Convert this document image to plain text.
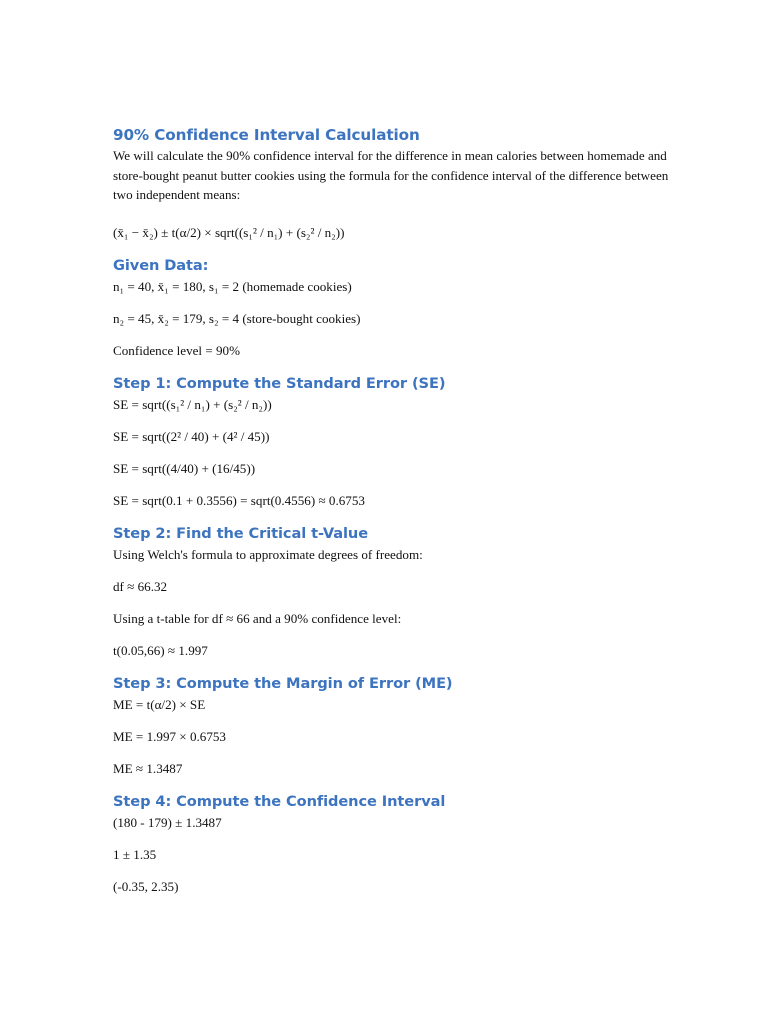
90% Confidence Interval Calculation

We will calculate the 90% confidence interval for the difference in mean calories between homemade and store-bought peanut butter cookies using the formula for the confidence interval of the difference between two independent means:

(x̄₁ − x̄₂) ± t(α/2) × sqrt((s₁² / n₁) + (s₂² / n₂))

Given Data:

n₁ = 40, x̄₁ = 180, s₁ = 2 (homemade cookies)

n₂ = 45, x̄₂ = 179, s₂ = 4 (store-bought cookies)

Confidence level = 90%

Step 1: Compute the Standard Error (SE)

SE = sqrt((s₁² / n₁) + (s₂² / n₂))

SE = sqrt((2² / 40) + (4² / 45))

SE = sqrt((4/40) + (16/45))

SE = sqrt(0.1 + 0.3556) = sqrt(0.4556) ≈ 0.6753

Step 2: Find the Critical t-Value

Using Welch's formula to approximate degrees of freedom:

df ≈ 66.32

Using a t-table for df ≈ 66 and a 90% confidence level:

t(0.05,66) ≈ 1.997

Step 3: Compute the Margin of Error (ME)

ME = t(α/2) × SE

ME = 1.997 × 0.6753

ME ≈ 1.3487

Step 4: Compute the Confidence Interval

(180 - 179) ± 1.3487

1 ± 1.35

(-0.35, 2.35)
